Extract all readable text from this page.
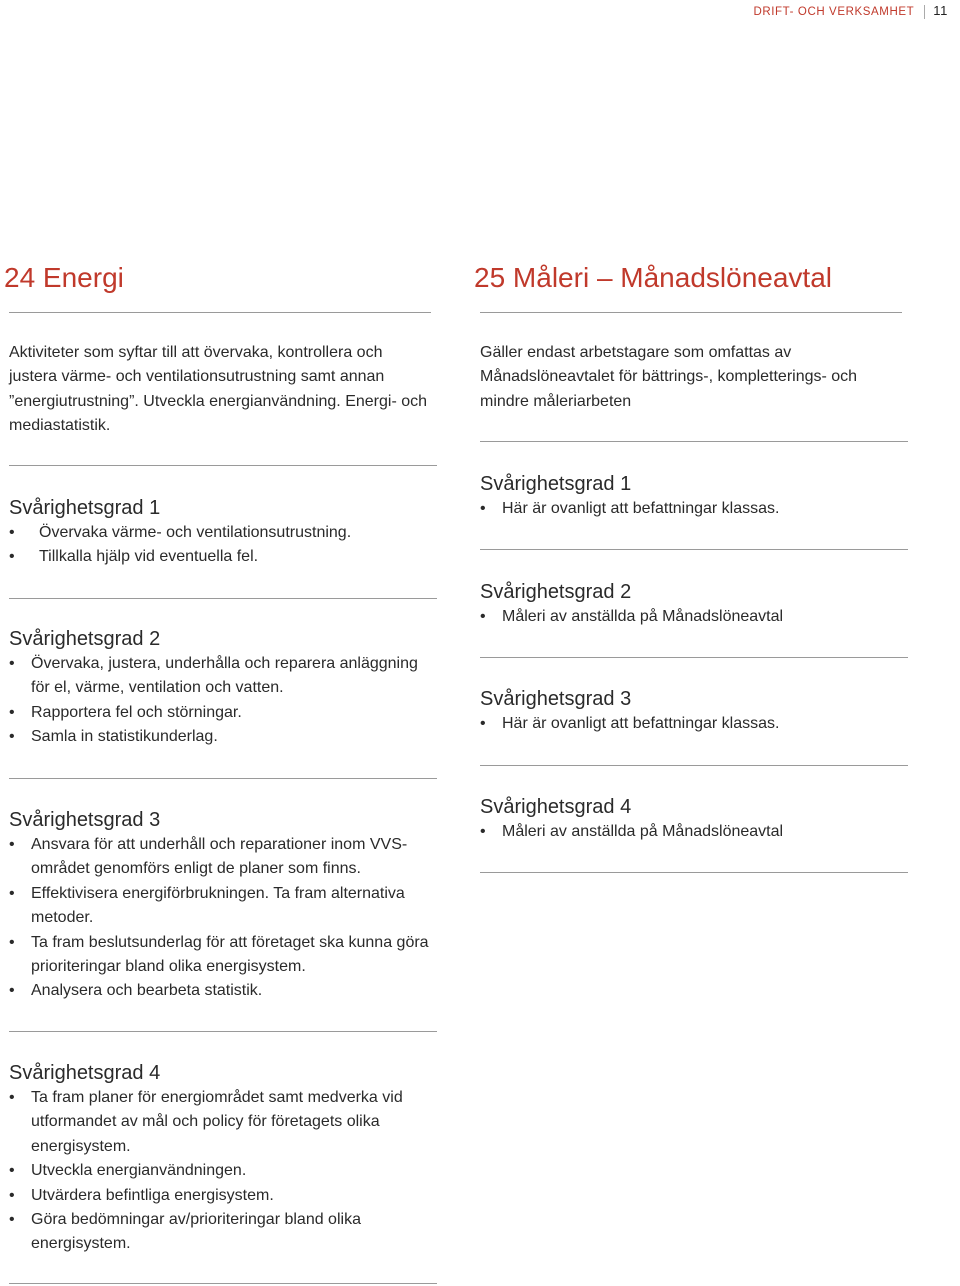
DRIFT- OCH VERKSAMHET 11
24 Energi

Aktiviteter som syftar till att övervaka, kontrollera och justera värme- och ventilationsutrustning samt annan ”energiutrustning”. Utveckla energianvändning. Energi- och mediastatistik.

Svårighetsgrad 1
• Övervaka värme- och ventilationsutrustning.
• Tillkalla hjälp vid eventuella fel.
Svårighetsgrad 2
• Övervaka, justera, underhålla och reparera anläggning för el, värme, ventilation och vatten.
• Rapportera fel och störningar.
• Samla in statistikunderlag.
Svårighetsgrad 3
• Ansvara för att underhåll och reparationer inom VVS-området genomförs enligt de planer som finns.
• Effektivisera energiförbrukningen. Ta fram alternativa metoder.
• Ta fram beslutsunderlag för att företaget ska kunna göra prioriteringar bland olika energisystem.
• Analysera och bearbeta statistik.
Svårighetsgrad 4
• Ta fram planer för energiområdet samt medverka vid utformandet av mål och policy för företagets olika energisystem.
• Utveckla energianvändningen.
• Utvärdera befintliga energisystem.
• Göra bedömningar av/prioriteringar bland olika energisystem.
25 Måleri – Månadslöneavtal

Gäller endast arbetstagare som omfattas av Månadslöneavtalet för bättrings-, kompletterings- och mindre måleriarbeten

Svårighetsgrad 1
• Här är ovanligt att befattningar klassas.
Svårighetsgrad 2
• Måleri av anställda på Månadslöneavtal
Svårighetsgrad 3
• Här är ovanligt att befattningar klassas.
Svårighetsgrad 4
• Måleri av anställda på Månadslöneavtal
